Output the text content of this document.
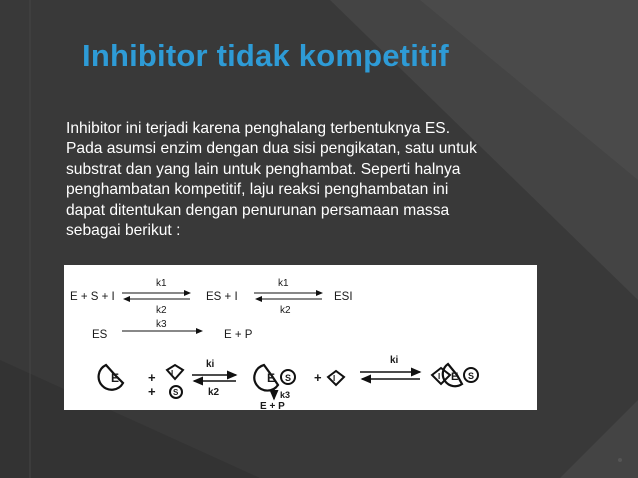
Inhibitor tidak kompetitif
Inhibitor ini terjadi karena penghalang terbentuknya ES.
Pada asumsi enzim dengan dua sisi pengikatan, satu untuk
substrat dan yang lain untuk penghambat. Seperti halnya
penghambatan kompetitif, laju reaksi penghambatan ini
dapat ditentukan dengan penurunan persamaan massa
sebagai berikut :
E + S + I
k1
k2
ES + I
k1
k2
ESI
ES
k3
E + P
E +
+
I
S
ki
k2
E S
k3
E + P
+ I
ki
I E S
